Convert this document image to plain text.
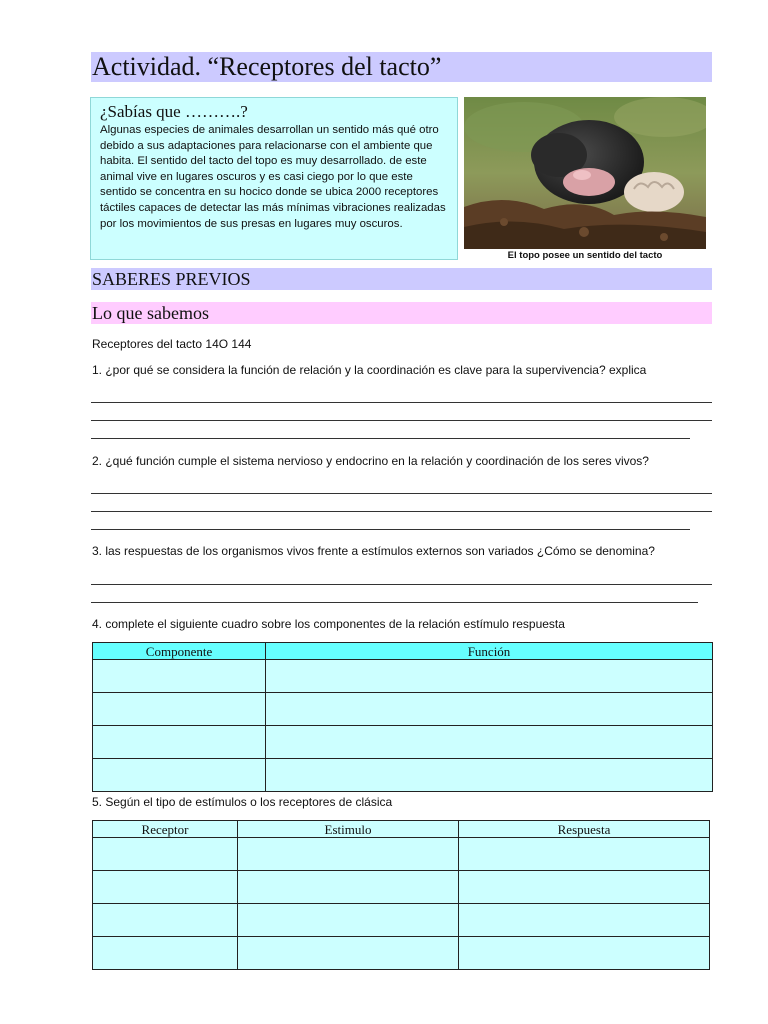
Actividad. “Receptores del tacto”
¿Sabías que ……….?
Algunas especies de animales desarrollan un sentido más qué otro debido a sus adaptaciones para relacionarse con el ambiente que habita. El sentido del tacto del topo es muy desarrollado. de este animal vive en lugares oscuros y es casi ciego por lo que este sentido se concentra en su hocico donde se ubica 2000 receptores táctiles capaces de detectar las más mínimas vibraciones realizadas por los movimientos de sus presas en lugares muy oscuros.
El topo posee un sentido del tacto
SABERES PREVIOS
Lo que sabemos
Receptores del tacto 14O 144
1. ¿por qué se considera la función de relación y la coordinación es clave para la supervivencia? explica
2. ¿qué función cumple el sistema nervioso y endocrino en la relación y coordinación de los seres vivos?
3. las respuestas de los organismos vivos frente a estímulos externos son variados ¿Cómo se denomina?
4. complete el siguiente cuadro sobre los componentes de la relación estímulo respuesta
Componente	Función

5. Según el tipo de estímulos o los receptores de clásica
Receptor	Estimulo	Respuesta
